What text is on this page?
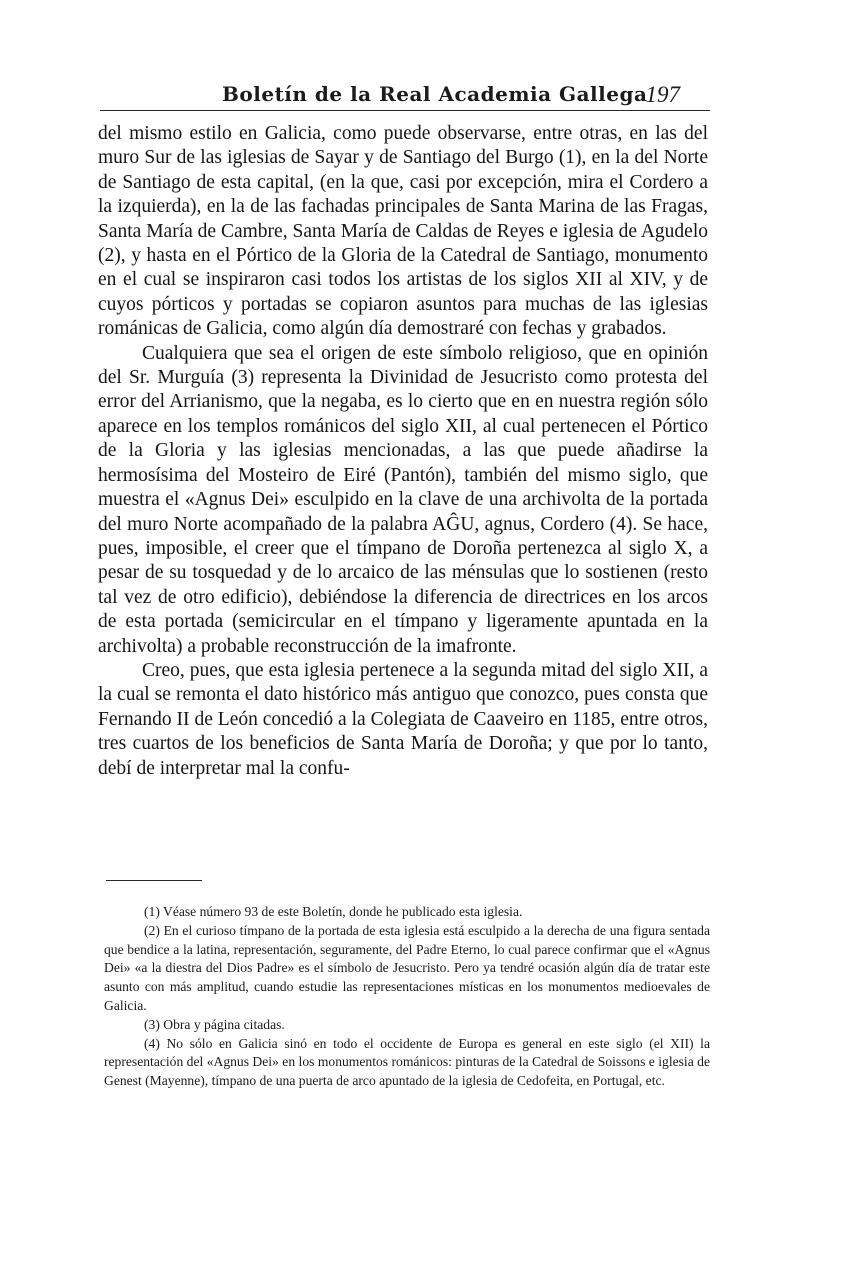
Boletín de la Real Academia Gallega
197

del mismo estilo en Galicia, como puede observarse, entre otras, en las del muro Sur de las iglesias de Sayar y de Santiago del Burgo (1), en la del Norte de Santiago de esta capital, (en la que, casi por excepción, mira el Cordero a la izquierda), en la de las fachadas principales de Santa Marina de las Fragas, Santa María de Cambre, Santa María de Caldas de Reyes e iglesia de Agudelo (2), y hasta en el Pórtico de la Gloria de la Catedral de Santiago, monumento en el cual se inspiraron casi todos los artistas de los siglos XII al XIV, y de cuyos pórticos y portadas se copiaron asuntos para muchas de las iglesias románicas de Galicia, como algún día demostraré con fechas y grabados.

Cualquiera que sea el origen de este símbolo religioso, que en opinión del Sr. Murguía (3) representa la Divinidad de Jesucristo como protesta del error del Arrianismo, que la negaba, es lo cierto que en en nuestra región sólo aparece en los templos románicos del siglo XII, al cual pertenecen el Pórtico de la Gloria y las iglesias mencionadas, a las que puede añadirse la hermosísima del Mosteiro de Eiré (Pantón), también del mismo siglo, que muestra el «Agnus Dei» esculpido en la clave de una archivolta de la portada del muro Norte acompañado de la palabra AĜU, agnus, Cordero (4). Se hace, pues, imposible, el creer que el tímpano de Doroña pertenezca al siglo X, a pesar de su tosquedad y de lo arcaico de las ménsulas que lo sostienen (resto tal vez de otro edificio), debiéndose la diferencia de directrices en los arcos de esta portada (semicircular en el tímpano y ligeramente apuntada en la archivolta) a probable reconstrucción de la imafronte.

Creo, pues, que esta iglesia pertenece a la segunda mitad del siglo XII, a la cual se remonta el dato histórico más antiguo que conozco, pues consta que Fernando II de León concedió a la Colegiata de Caaveiro en 1185, entre otros, tres cuartos de los beneficios de Santa María de Doroña; y que por lo tanto, debí de interpretar mal la confu-

(1) Véase número 93 de este Boletín, donde he publicado esta iglesia.

(2) En el curioso tímpano de la portada de esta iglesia está esculpido a la derecha de una figura sentada que bendice a la latina, representación, seguramente, del Padre Eterno, lo cual parece confirmar que el «Agnus Dei» «a la diestra del Dios Padre» es el símbolo de Jesucristo. Pero ya tendré ocasión algún día de tratar este asunto con más amplitud, cuando estudie las representaciones místicas en los monumentos medioevales de Galicia.

(3) Obra y página citadas.

(4) No sólo en Galicia sinó en todo el occidente de Europa es general en este siglo (el XII) la representación del «Agnus Dei» en los monumentos románicos: pinturas de la Catedral de Soissons e iglesia de Genest (Mayenne), tímpano de una puerta de arco apuntado de la iglesia de Cedofeita, en Portugal, etc.
